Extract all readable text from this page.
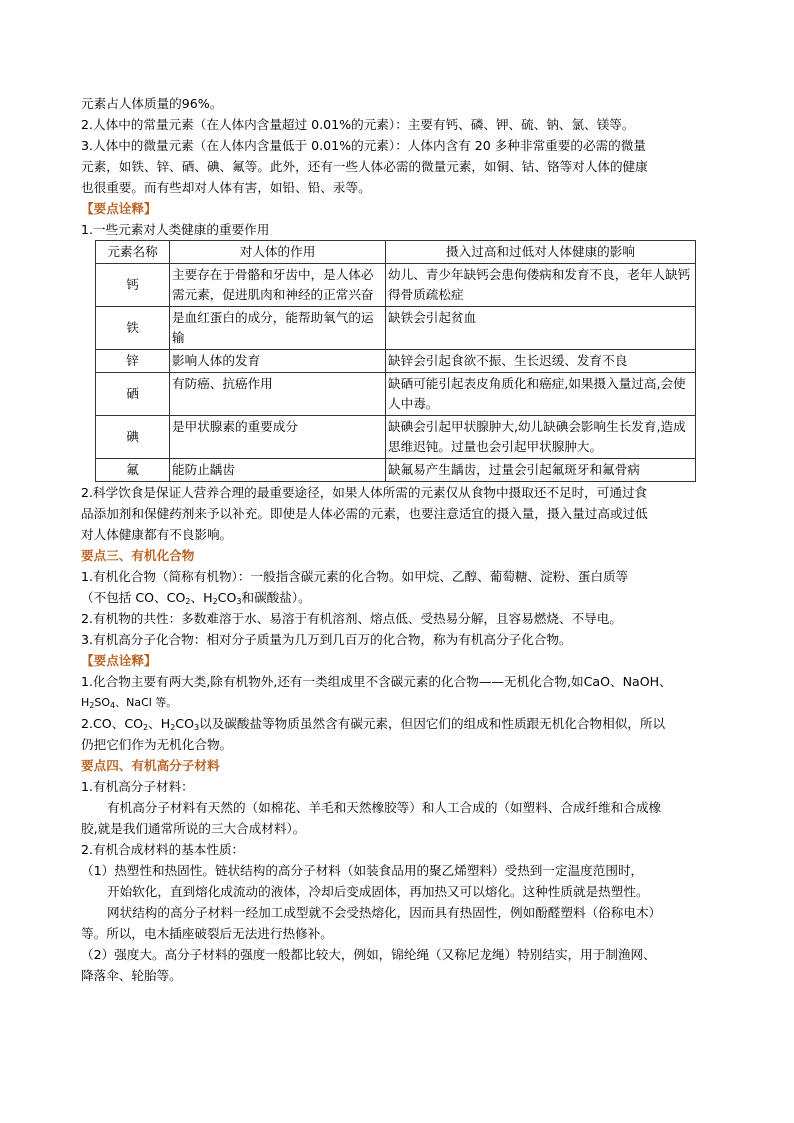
元素占人体质量的96%。
2.人体中的常量元素（在人体内含量超过 0.01%的元素）：主要有钙、磷、钾、硫、钠、氯、镁等。
3.人体中的微量元素（在人体内含量低于 0.01%的元素）：人体内含有 20 多种非常重要的必需的微量
元素，如铁、锌、硒、碘、氟等。此外，还有一些人体必需的微量元素，如铜、钴、铬等对人体的健康
也很重要。而有些却对人体有害，如铅、铅、汞等。
【要点诠释】
1.一些元素对人类健康的重要作用
元素名称	对人体的作用	摄入过高和过低对人体健康的影响
钙	主要存在于骨骼和牙齿中，是人体必需元素，促进肌肉和神经的正常兴奋	幼儿、青少年缺钙会患佝偻病和发育不良，老年人缺钙得骨质疏松症
铁	是血红蛋白的成分，能帮助氧气的运输	缺铁会引起贫血
锌	影响人体的发育	缺锌会引起食欲不振、生长迟缓、发育不良
硒	有防癌、抗癌作用	缺硒可能引起表皮角质化和癌症,如果摄入量过高,会使人中毒。
碘	是甲状腺素的重要成分	缺碘会引起甲状腺肿大,幼儿缺碘会影响生长发育,造成思维迟钝。过量也会引起甲状腺肿大。
氟	能防止龋齿	缺氟易产生龋齿，过量会引起氟斑牙和氟骨病
2.科学饮食是保证人营养合理的最重要途径，如果人体所需的元素仅从食物中摄取还不足时，可通过食
品添加剂和保健药剂来予以补充。即使是人体必需的元素，也要注意适宜的摄入量，摄入量过高或过低
对人体健康都有不良影响。
要点三、有机化合物
1.有机化合物（简称有机物）：一般指含碳元素的化合物。如甲烷、乙醇、葡萄糖、淀粉、蛋白质等
（不包括 CO、$CO_2$、$H_2CO_3$和碳酸盐）。
2.有机物的共性：多数难溶于水、易溶于有机溶剂、熔点低、受热易分解，且容易燃烧、不导电。
3.有机高分子化合物：相对分子质量为几万到几百万的化合物，称为有机高分子化合物。
【要点诠释】
1.化合物主要有两大类,除有机物外,还有一类组成里不含碳元素的化合物——无机化合物,如CaO、NaOH、
$H_2SO_4$、NaCl 等。
2.CO、$CO_2$、$H_2CO_3$以及碳酸盐等物质虽然含有碳元素，但因它们的组成和性质跟无机化合物相似，所以
仍把它们作为无机化合物。
要点四、有机高分子材料
1.有机高分子材料：
有机高分子材料有天然的（如棉花、羊毛和天然橡胶等）和人工合成的（如塑料、合成纤维和合成橡
胶,就是我们通常所说的三大合成材料）。
2.有机合成材料的基本性质：
（1）热塑性和热固性。链状结构的高分子材料（如装食品用的聚乙烯塑料）受热到一定温度范围时，
开始软化，直到熔化成流动的液体，冷却后变成固体，再加热又可以熔化。这种性质就是热塑性。
网状结构的高分子材料一经加工成型就不会受热熔化，因而具有热固性，例如酚醛塑料（俗称电木）
等。所以，电木插座破裂后无法进行热修补。
（2）强度大。高分子材料的强度一般都比较大，例如，锦纶绳（又称尼龙绳）特别结实，用于制渔网、
降落伞、轮胎等。
